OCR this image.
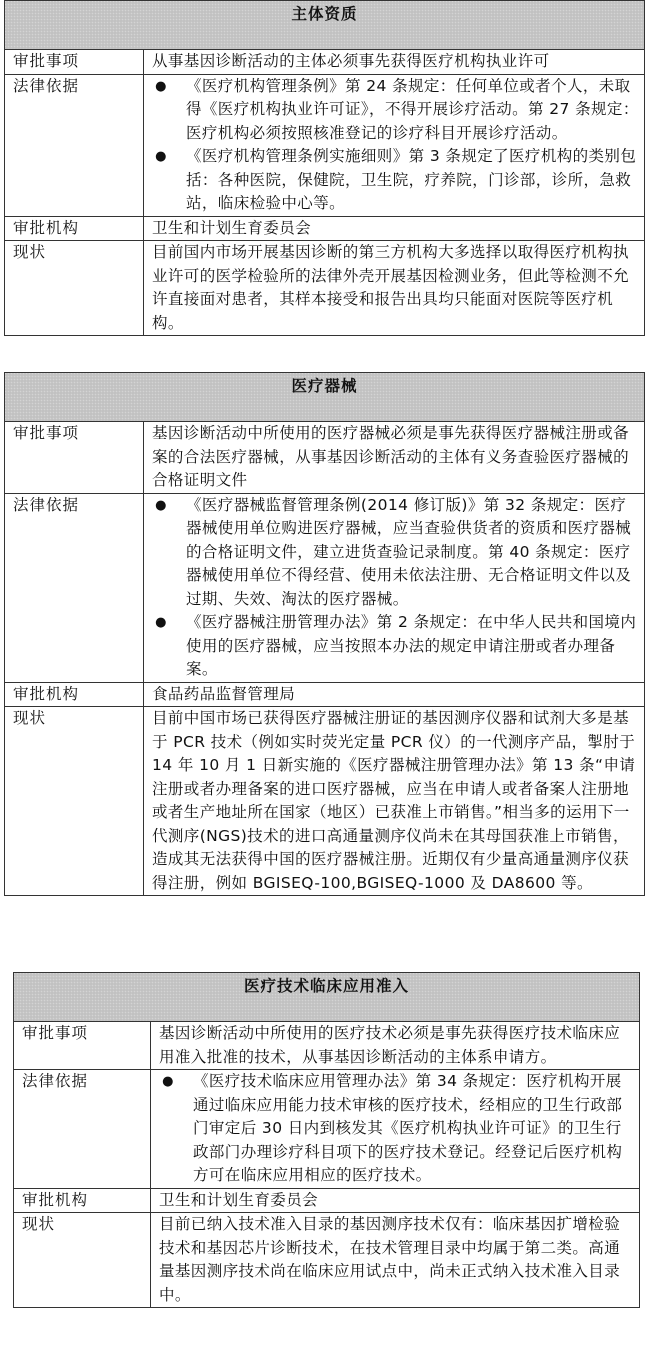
主体资质	
审批事项	从事基因诊断活动的主体必须事先获得医疗机构执业许可
法律依据	● 《医疗机构管理条例》第 24 条规定：任何单位或者个人，未取得《医疗机构执业许可证》，不得开展诊疗活动。第 27 条规定：医疗机构必须按照核准登记的诊疗科目开展诊疗活动。
● 《医疗机构管理条例实施细则》第 3 条规定了医疗机构的类别包括：各种医院，保健院，卫生院，疗养院，门诊部，诊所，急救站，临床检验中心等。

审批机构	卫生和计划生育委员会
现状	目前国内市场开展基因诊断的第三方机构大多选择以取得医疗机构执业许可的医学检验所的法律外壳开展基因检测业务，但此等检测不允许直接面对患者，其样本接受和报告出具均只能面对医院等医疗机构。
医疗器械	
审批事项	基因诊断活动中所使用的医疗器械必须是事先获得医疗器械注册或备案的合法医疗器械，从事基因诊断活动的主体有义务查验医疗器械的合格证明文件
法律依据	● 《医疗器械监督管理条例(2014 修订版)》第 32 条规定：医疗器械使用单位购进医疗器械，应当查验供货者的资质和医疗器械的合格证明文件，建立进货查验记录制度。第 40 条规定：医疗器械使用单位不得经营、使用未依法注册、无合格证明文件以及过期、失效、淘汰的医疗器械。
● 《医疗器械注册管理办法》第 2 条规定：在中华人民共和国境内使用的医疗器械，应当按照本办法的规定申请注册或者办理备案。

审批机构	食品药品监督管理局
现状	目前中国市场已获得医疗器械注册证的基因测序仪器和试剂大多是基于 PCR 技术（例如实时荧光定量 PCR 仪）的一代测序产品，掣肘于 14 年 10 月 1 日新实施的《医疗器械注册管理办法》第 13 条“申请注册或者办理备案的进口医疗器械，应当在申请人或者备案人注册地或者生产地址所在国家（地区）已获准上市销售。”相当多的运用下一代测序(NGS)技术的进口高通量测序仪尚未在其母国获准上市销售，造成其无法获得中国的医疗器械注册。近期仅有少量高通量测序仪获得注册，例如 BGISEQ-100,BGISEQ-1000 及 DA8600 等。
医疗技术临床应用准入	
审批事项	基因诊断活动中所使用的医疗技术必须是事先获得医疗技术临床应用准入批准的技术，从事基因诊断活动的主体系申请方。
法律依据	● 《医疗技术临床应用管理办法》第 34 条规定：医疗机构开展通过临床应用能力技术审核的医疗技术，经相应的卫生行政部门审定后 30 日内到核发其《医疗机构执业许可证》的卫生行政部门办理诊疗科目项下的医疗技术登记。经登记后医疗机构方可在临床应用相应的医疗技术。

审批机构	卫生和计划生育委员会
现状	目前已纳入技术准入目录的基因测序技术仅有：临床基因扩增检验技术和基因芯片诊断技术，在技术管理目录中均属于第二类。高通量基因测序技术尚在临床应用试点中，尚未正式纳入技术准入目录中。
